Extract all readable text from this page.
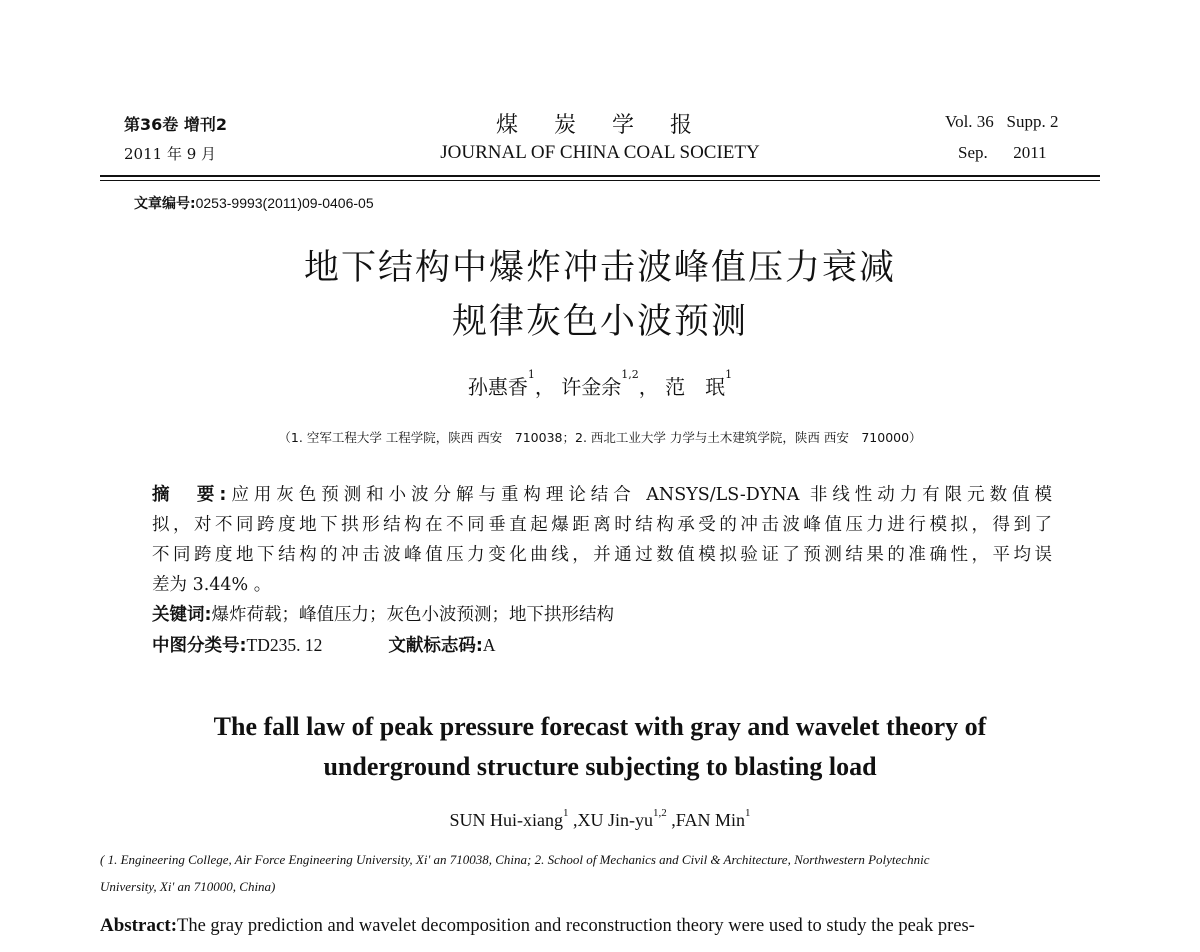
第36卷 增刊2
2011 年 9 月
煤炭学报
JOURNAL OF CHINA COAL SOCIETY
Vol. 36   Supp. 2
Sep.      2011
文章编号:0253-9993(2011)09-0406-05
地下结构中爆炸冲击波峰值压力衰减
规律灰色小波预测
孙惠香$^1$， 许金余$^{1,2}$， 范　珉$^1$
（1. 空军工程大学 工程学院，陕西 西安　710038；2. 西北工业大学 力学与土木建筑学院，陕西 西安　710000）
摘　要:应用灰色预测和小波分解与重构理论结合 ANSYS/LS-DYNA 非线性动力有限元数值模
拟，对不同跨度地下拱形结构在不同垂直起爆距离时结构承受的冲击波峰值压力进行模拟，得到了
不同跨度地下结构的冲击波峰值压力变化曲线，并通过数值模拟验证了预测结果的准确性，平均误
差为 3.44% 。
关键词:爆炸荷载；峰值压力；灰色小波预测；地下拱形结构
中图分类号:TD235. 12	文献标志码:A
The fall law of peak pressure forecast with gray and wavelet theory of
underground structure subjecting to blasting load
SUN Hui-xiang$^1$ ,XU Jin-yu$^{1,2}$ ,FAN Min$^1$
( 1. Engineering College, Air Force Engineering University, Xi' an 710038, China; 2. School of Mechanics and Civil & Architecture, Northwestern Polytechnic
University, Xi' an 710000, China)
Abstract:The gray prediction and wavelet decomposition and reconstruction theory were used to study the peak pres-
